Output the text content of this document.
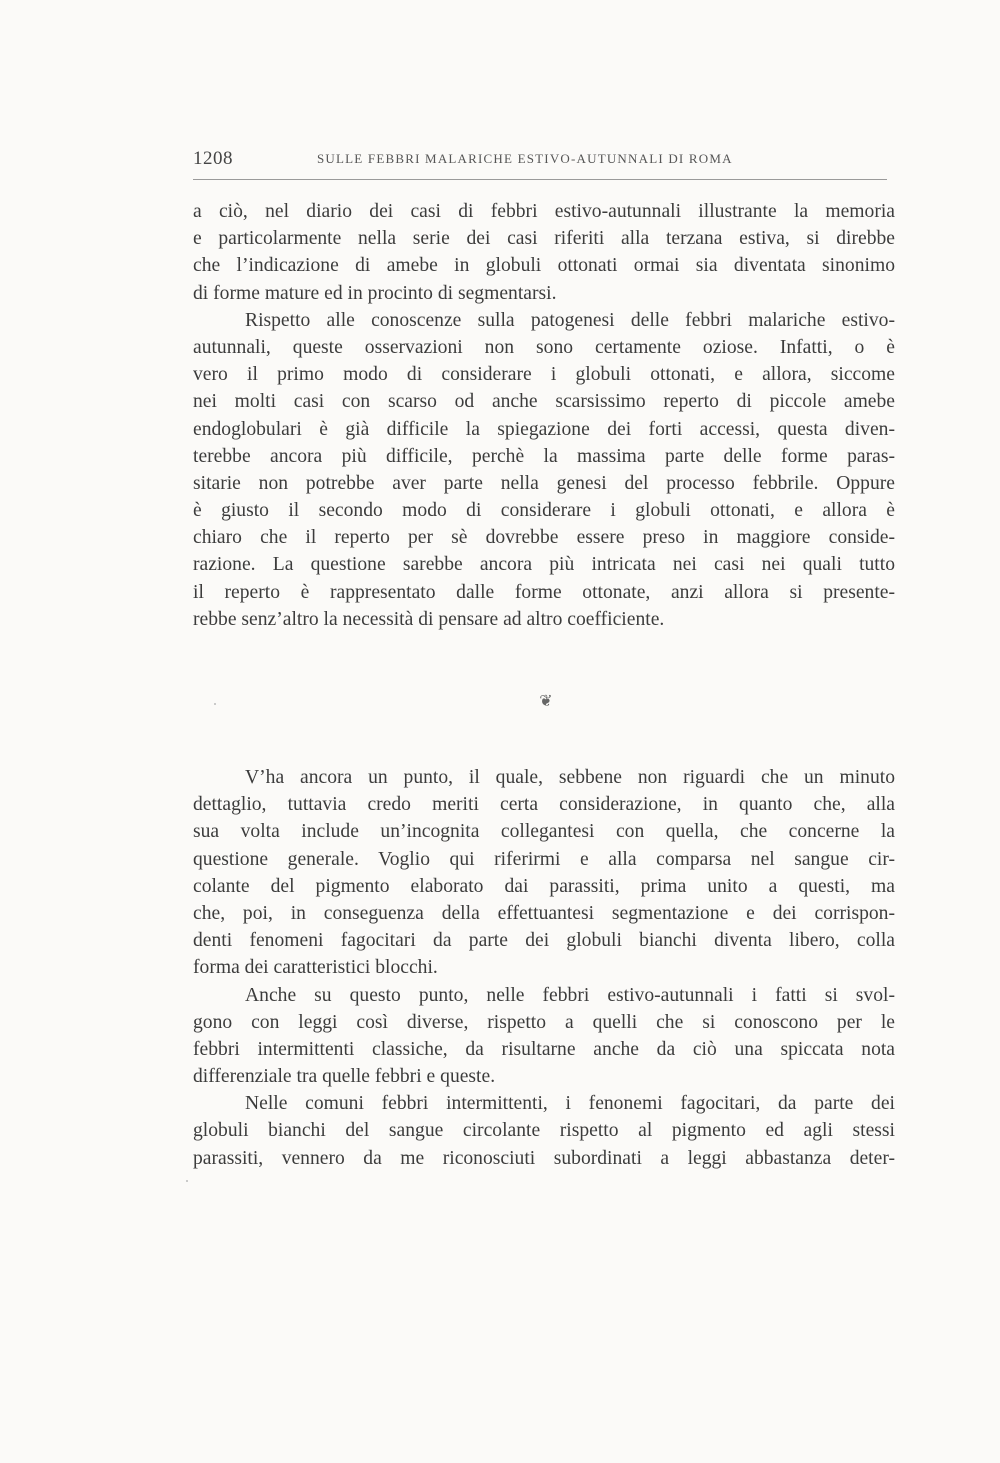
1208	SULLE FEBBRI MALARICHE ESTIVO-AUTUNNALI DI ROMA
a ciò, nel diario dei casi di febbri estivo-autunnali illustrante la memoria
e particolarmente nella serie dei casi riferiti alla terzana estiva, si direbbe
che l’indicazione di amebe in globuli ottonati ormai sia diventata sinonimo
di forme mature ed in procinto di segmentarsi.
Rispetto alle conoscenze sulla patogenesi delle febbri malariche estivo-
autunnali, queste osservazioni non sono certamente oziose. Infatti, o è
vero il primo modo di considerare i globuli ottonati, e allora, siccome
nei molti casi con scarso od anche scarsissimo reperto di piccole amebe
endoglobulari è già difficile la spiegazione dei forti accessi, questa diven-
terebbe ancora più difficile, perchè la massima parte delle forme paras-
sitarie non potrebbe aver parte nella genesi del processo febbrile. Oppure
è giusto il secondo modo di considerare i globuli ottonati, e allora è
chiaro che il reperto per sè dovrebbe essere preso in maggiore conside-
razione. La questione sarebbe ancora più intricata nei casi nei quali tutto
il reperto è rappresentato dalle forme ottonate, anzi allora si presente-
rebbe senz’altro la necessità di pensare ad altro coefficiente.
❦
V’ha ancora un punto, il quale, sebbene non riguardi che un minuto
dettaglio, tuttavia credo meriti certa considerazione, in quanto che, alla
sua volta include un’incognita collegantesi con quella, che concerne la
questione generale. Voglio qui riferirmi e alla comparsa nel sangue cir-
colante del pigmento elaborato dai parassiti, prima unito a questi, ma
che, poi, in conseguenza della effettuantesi segmentazione e dei corrispon-
denti fenomeni fagocitari da parte dei globuli bianchi diventa libero, colla
forma dei caratteristici blocchi.
Anche su questo punto, nelle febbri estivo-autunnali i fatti si svol-
gono con leggi così diverse, rispetto a quelli che si conoscono per le
febbri intermittenti classiche, da risultarne anche da ciò una spiccata nota
differenziale tra quelle febbri e queste.
Nelle comuni febbri intermittenti, i fenonemi fagocitari, da parte dei
globuli bianchi del sangue circolante rispetto al pigmento ed agli stessi
parassiti, vennero da me riconosciuti subordinati a leggi abbastanza deter-
